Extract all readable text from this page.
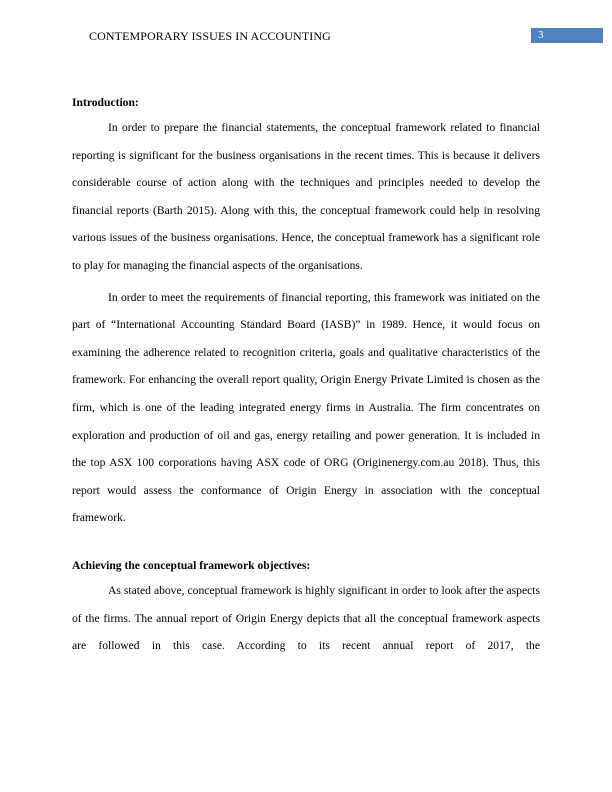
CONTEMPORARY ISSUES IN ACCOUNTING	3
Introduction:

In order to prepare the financial statements, the conceptual framework related to financial reporting is significant for the business organisations in the recent times. This is because it delivers considerable course of action along with the techniques and principles needed to develop the financial reports (Barth 2015). Along with this, the conceptual framework could help in resolving various issues of the business organisations. Hence, the conceptual framework has a significant role to play for managing the financial aspects of the organisations.

In order to meet the requirements of financial reporting, this framework was initiated on the part of “International Accounting Standard Board (IASB)” in 1989. Hence, it would focus on examining the adherence related to recognition criteria, goals and qualitative characteristics of the framework. For enhancing the overall report quality, Origin Energy Private Limited is chosen as the firm, which is one of the leading integrated energy firms in Australia. The firm concentrates on exploration and production of oil and gas, energy retailing and power generation. It is included in the top ASX 100 corporations having ASX code of ORG (Originenergy.com.au 2018). Thus, this report would assess the conformance of Origin Energy in association with the conceptual framework.

Achieving the conceptual framework objectives:

As stated above, conceptual framework is highly significant in order to look after the aspects of the firms. The annual report of Origin Energy depicts that all the conceptual framework aspects are followed in this case. According to its recent annual report of 2017, the
